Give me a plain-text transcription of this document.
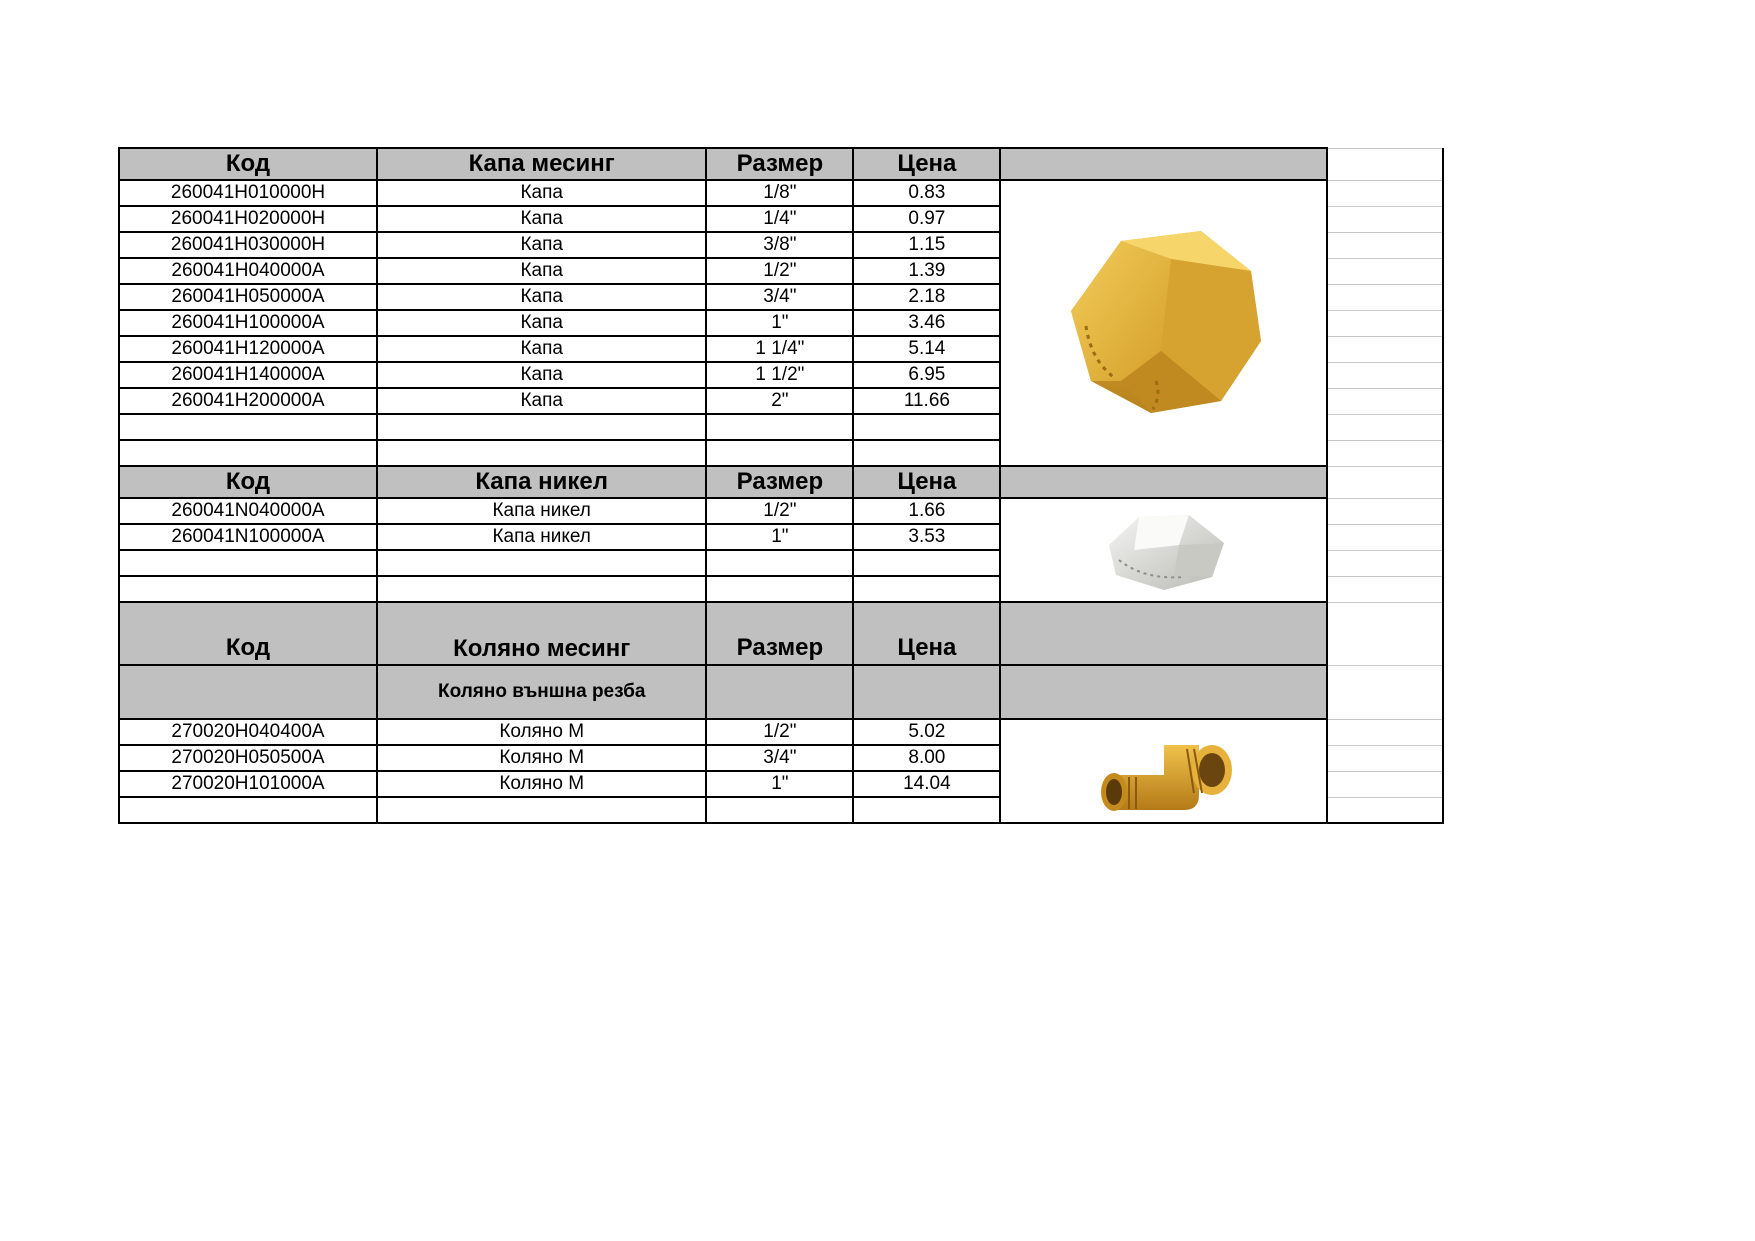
Код	Капа месинг	Размер	Цена		
260041H010000H	Капа	1/8"	0.83	

260041H020000H	Капа	1/4"	0.97		
260041H030000H	Капа	3/8"	1.15		
260041H040000A	Капа	1/2"	1.39		
260041H050000A	Капа	3/4"	2.18		
260041H100000A	Капа	1"	3.46		
260041H120000A	Капа	1 1/4"	5.14		
260041H140000A	Капа	1 1/2"	6.95		
260041H200000A	Капа	2"	11.66		

Код	Капа никел	Размер	Цена		
260041N040000A	Капа никел	1/2"	1.66	

260041N100000A	Капа никел	1"	3.53		

Код	Коляно месинг	Размер	Цена		
	Коляно външна резба				
270020H040400A	Коляно М	1/2"	5.02	

270020H050500A	Коляно М	3/4"	8.00		
270020H101000A	Коляно М	1"	14.04		
